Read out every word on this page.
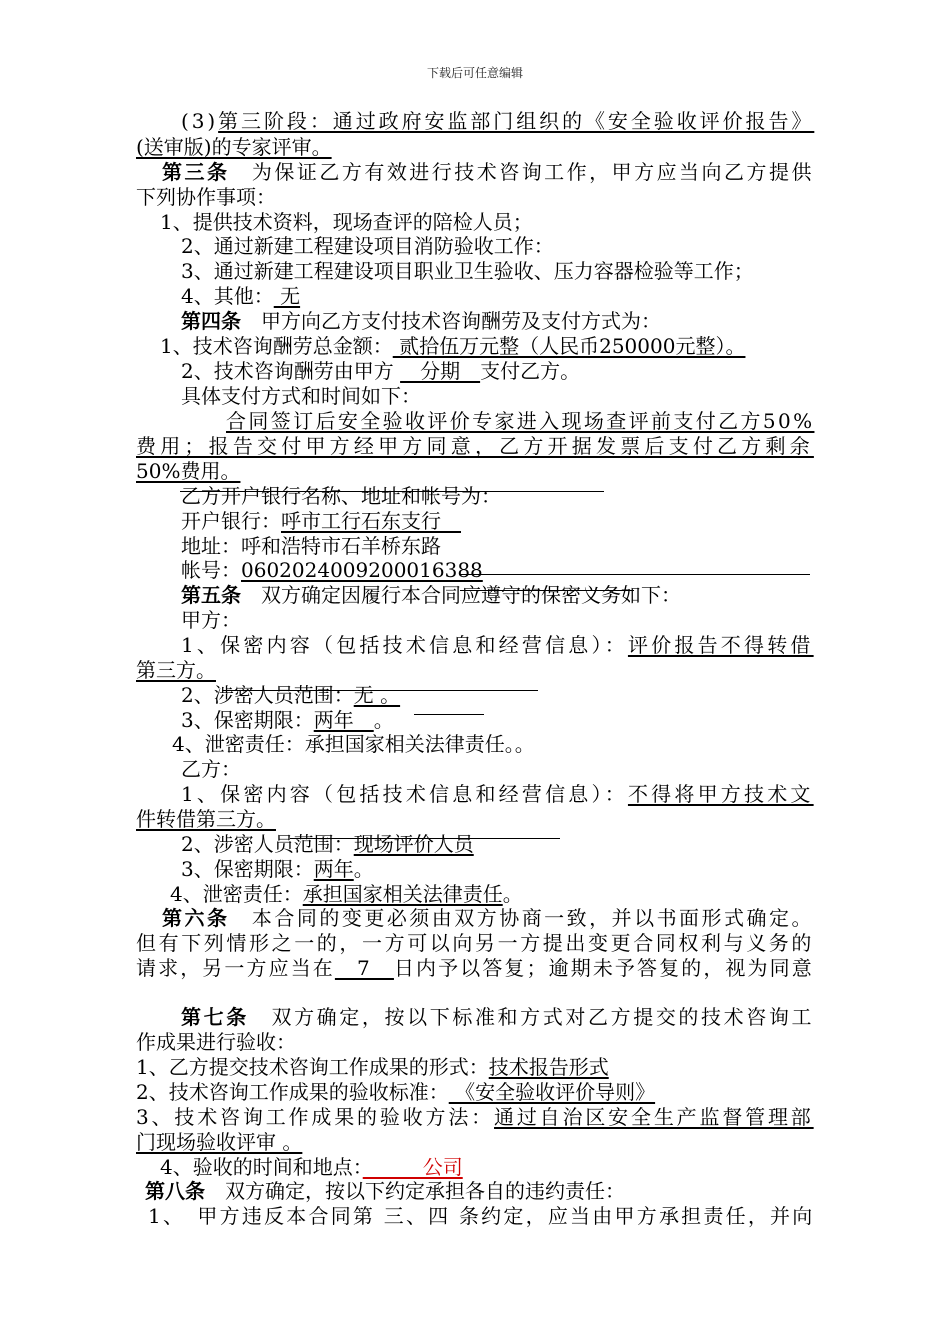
下载后可任意编辑
(3)第三阶段：通过政府安监部门组织的《安全验收评价报告》
(送审版)的专家评审。
第三条　为保证乙方有效进行技术咨询工作，甲方应当向乙方提供
下列协作事项：
1、提供技术资料，现场查评的陪检人员；
2、通过新建工程建设项目消防验收工作：
3、通过新建工程建设项目职业卫生验收、压力容器检验等工作；
4、其他： 无
第四条　甲方向乙方支付技术咨询酬劳及支付方式为：
1、技术咨询酬劳总金额： 贰拾伍万元整（人民币250000元整）。
2、技术咨询酬劳由甲方 　分期　支付乙方。
具体支付方式和时间如下：
合同签订后安全验收评价专家进入现场查评前支付乙方50%
费用；报告交付甲方经甲方同意，乙方开据发票后支付乙方剩余
50%费用。
乙方开户银行名称、地址和帐号为：
开户银行：呼市工行石东支行　
地址：呼和浩特市石羊桥东路
帐号：0602024009200016388
第五条　双方确定因履行本合同应遵守的保密义务如下：
甲方：
1、保密内容（包括技术信息和经营信息）：评价报告不得转借
第三方。
2、涉密人员范围：无 。
3、保密期限：两年　。
4、泄密责任：承担国家相关法律责任。。
乙方：
1、保密内容（包括技术信息和经营信息）：不得将甲方技术文
件转借第三方。
2、涉密人员范围：现场评价人员
3、保密期限：两年。
4、泄密责任：承担国家相关法律责任。
第六条　本合同的变更必须由双方协商一致，并以书面形式确定。
但有下列情形之一的，一方可以向另一方提出变更合同权利与义务的
请求，另一方应当在　7　日内予以答复；逾期未予答复的，视为同意
第七条　双方确定，按以下标准和方式对乙方提交的技术咨询工
作成果进行验收：
1、乙方提交技术咨询工作成果的形式：技术报告形式
2、技术咨询工作成果的验收标准： 《安全验收评价导则》
3、技术咨询工作成果的验收方法：通过自治区安全生产监督管理部
门现场验收评审 。
4、验收的时间和地点：　　　公司
第八条　双方确定，按以下约定承担各自的违约责任：
1、　甲方违反本合同第 三、四 条约定，应当由甲方承担责任，并向
